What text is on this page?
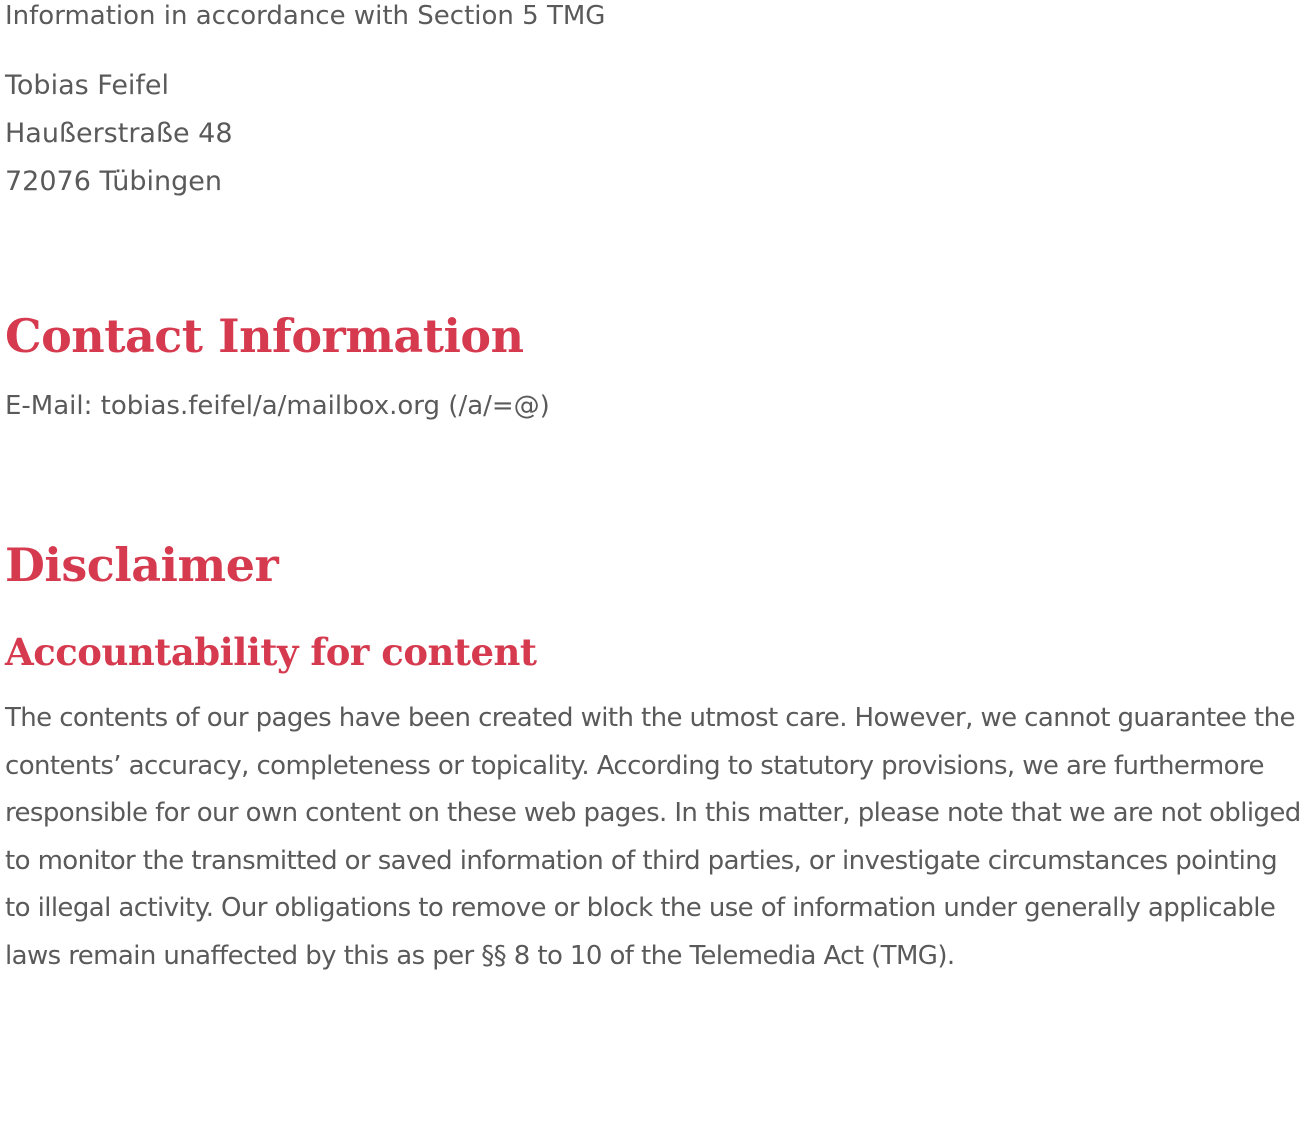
Information in accordance with Section 5 TMG

Tobias Feifel
Haußerstraße 48
72076 Tübingen
Contact Information

E-Mail: tobias.feifel/a/mailbox.org (/a/=@)

Disclaimer
Accountability for content

The contents of our pages have been created with the utmost care. However, we cannot guarantee the contents’ accuracy, completeness or topicality. According to statutory provisions, we are furthermore responsible for our own content on these web pages. In this matter, please note that we are not obliged to monitor the transmitted or saved information of third parties, or investigate circumstances pointing to illegal activity. Our obligations to remove or block the use of information under generally applicable laws remain unaffected by this as per §§ 8 to 10 of the Telemedia Act (TMG).
